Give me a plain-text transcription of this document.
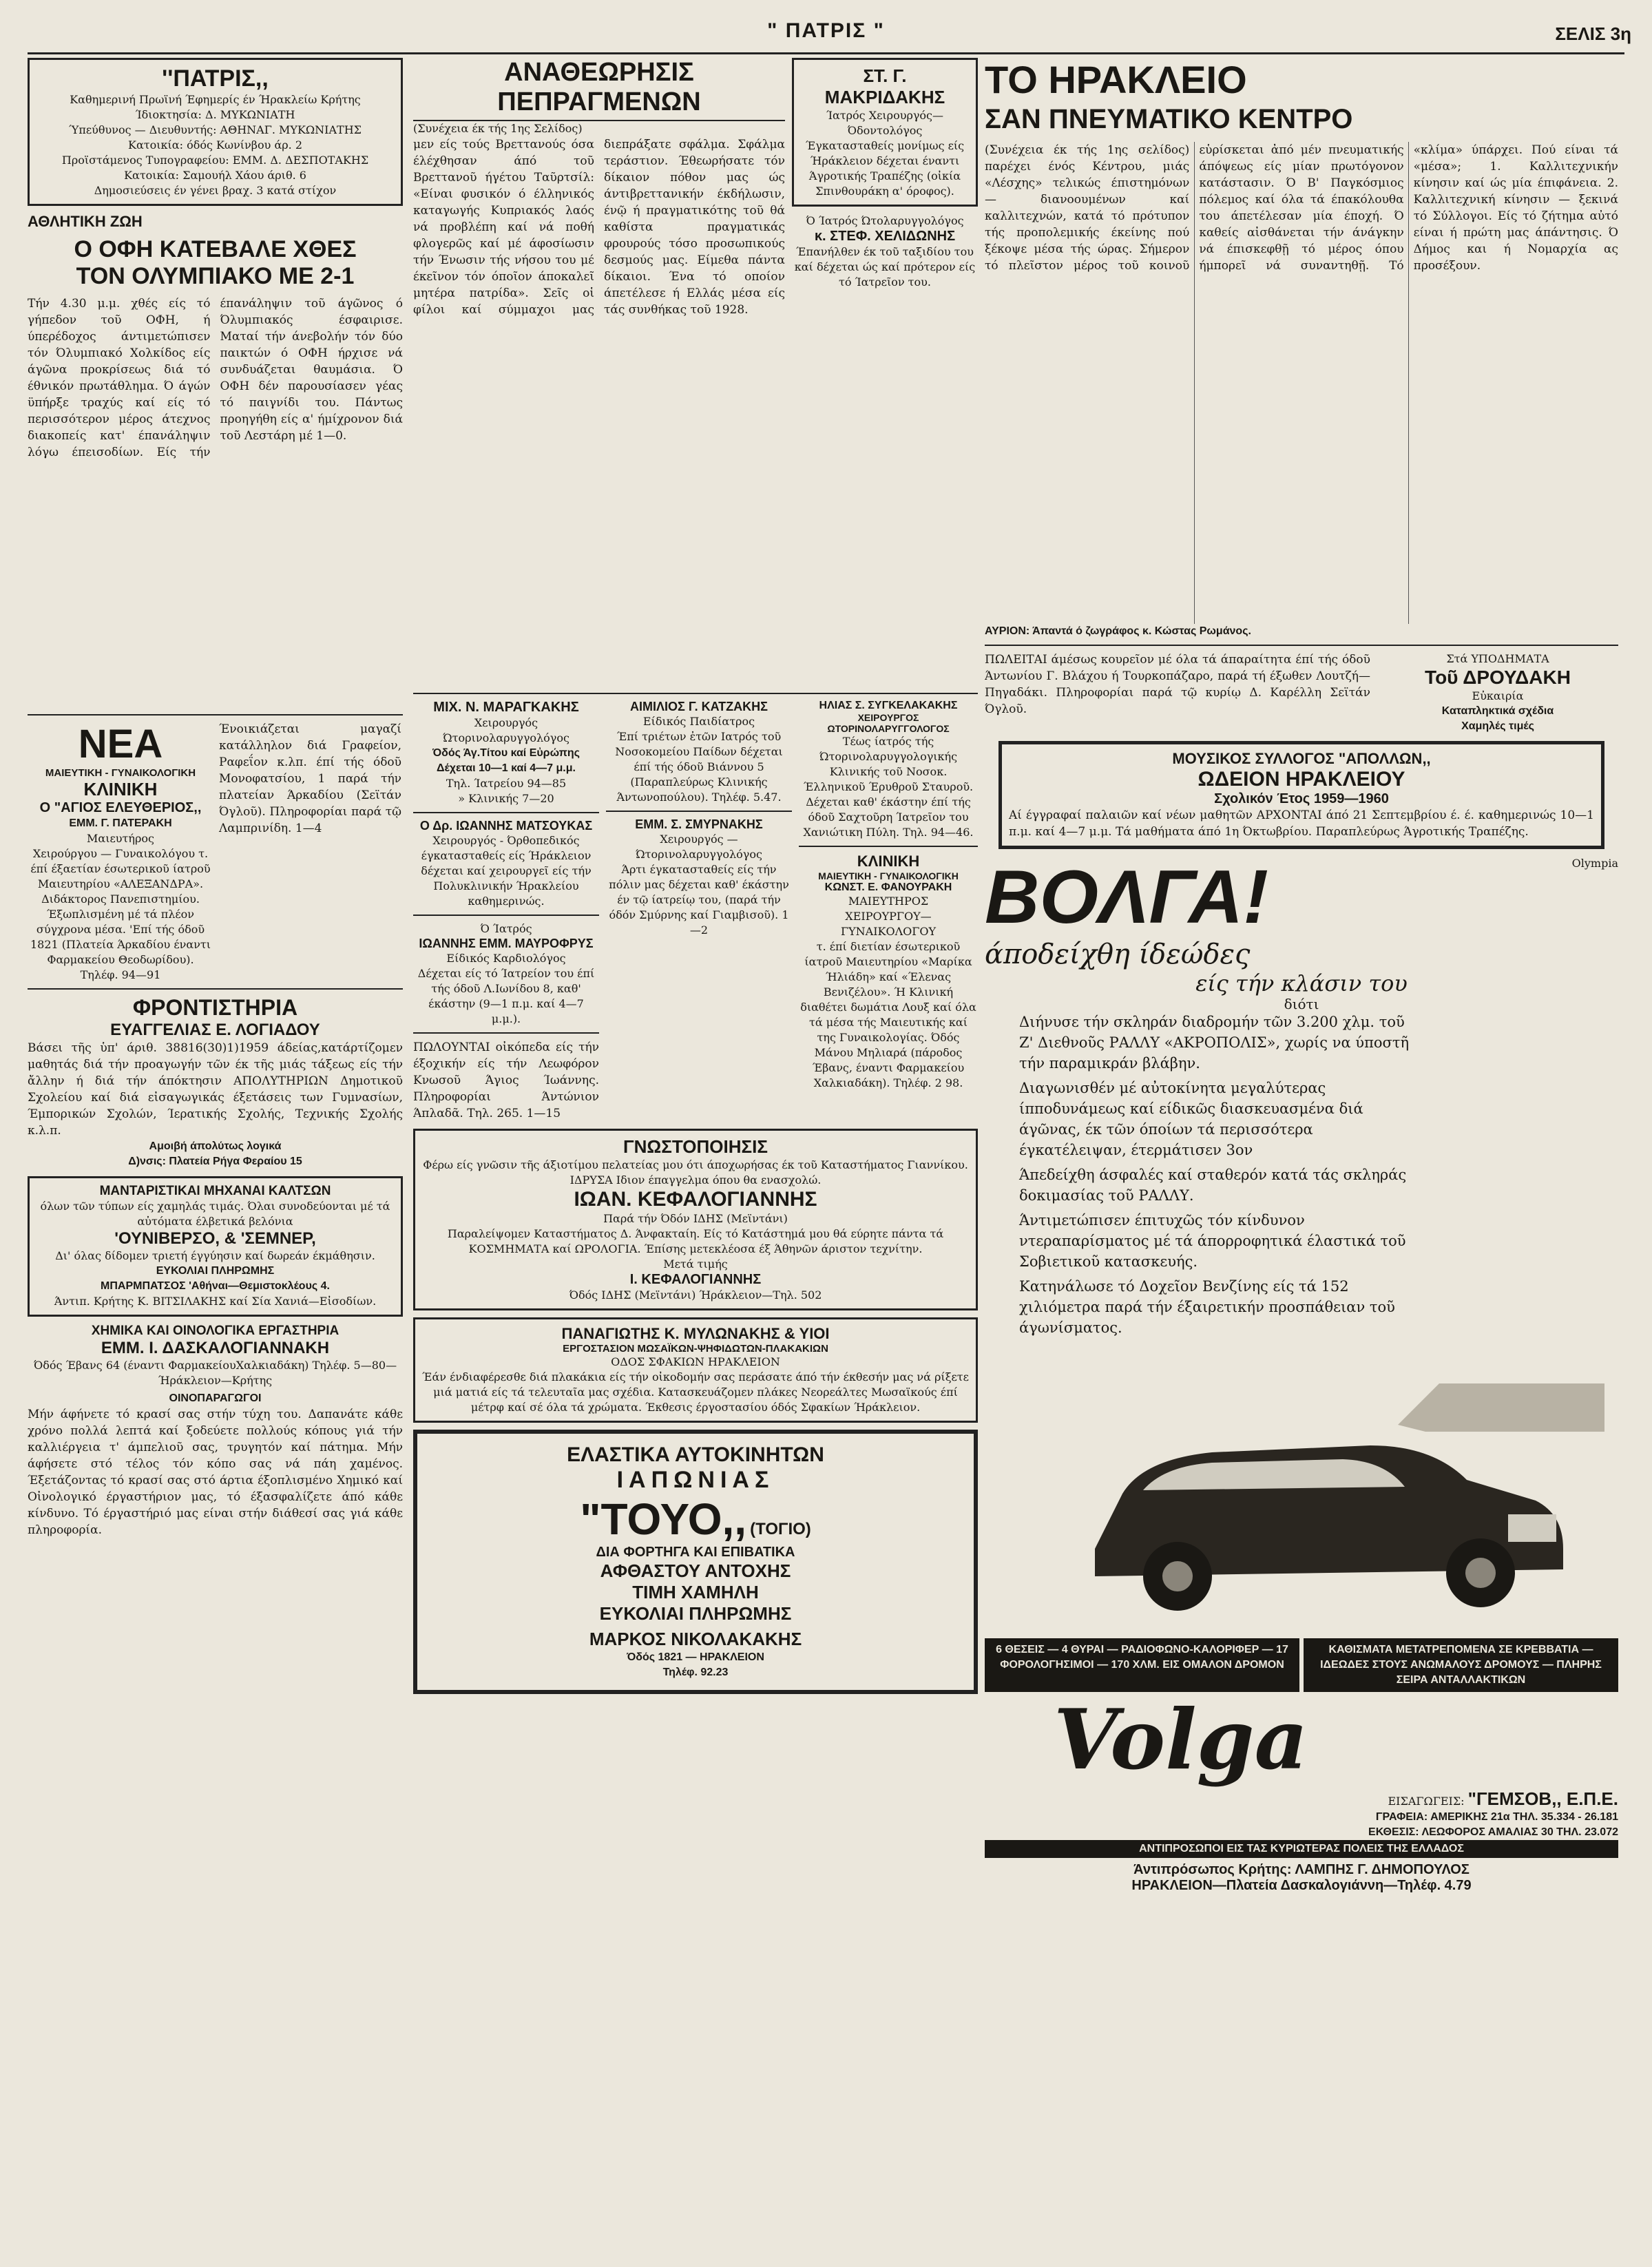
" ΠΑΤΡΙΣ "	ΣΕΛΙΣ 3η
''ΠΑΤΡΙΣ,,
Καθημερινή Πρωϊνή Έφημερίς έν Ήρακλείω Κρήτης
Ίδιοκτησία: Δ. ΜΥΚΩΝΙΑΤΗ
Ύπεύθυνος — Διευθυντής: ΑΘΗΝΑΓ. ΜΥΚΩΝΙΑΤΗΣ
Κατοικία: όδός Κωνίνβου άρ. 2
Προϊστάμενος Τυπογραφείου: ΕΜΜ. Δ. ΔΕΣΠΟΤΑΚΗΣ
Κατοικία: Σαμουήλ Χάου άριθ. 6
Δημοσιεύσεις έν γένει βραχ. 3 κατά στίχον
ΑΘΛΗΤΙΚΗ ΖΩΗ
Ο ΟΦΗ ΚΑΤΕΒΑΛΕ ΧΘΕΣ
ΤΟΝ ΟΛΥΜΠΙΑΚΟ ΜΕ 2-1
Τήν 4.30 μ.μ. χθές είς τό γήπεδον τοῦ ΟΦΗ, ή ύπερέδοχος άντιμετώπισεν τόν Όλυμπιακό Χολκίδος είς άγῶνα προκρίσεως διά τό έθνικόν πρωτάθλημα. Ό άγών ϋπήρξε τραχύς καί είς τό περισσότερον μέρος άτεχνος διακοπείς κατ' έπανάληψιν λόγω έπεισοδίων. Είς τήν έπανάληψιν τοῦ άγῶνος ό Όλυμπιακός έσφαιρισε. Ματαί τήν άνεβολήν τόν δύο παικτών ό ΟΦΗ ήρχισε νά συνδυάζεται θαυμάσια. Ό ΟΦΗ δέν παρουσίασεν γέας τό παιγνίδι του. Πάντως προηγήθη είς α' ήμίχρονον διά τοῦ Λεστάρη μέ 1—0.
ΝΕΑ
ΜΑΙΕΥΤΙΚΗ - ΓΥΝΑΙΚΟΛΟΓΙΚΗ
ΚΛΙΝΙΚΗ
Ο "ΑΓΙΟΣ ΕΛΕΥΘΕΡΙΟΣ,,
ΕΜΜ. Γ. ΠΑΤΕΡΑΚΗ
Μαιευτήρος
Χειρούργου — Γυναικολόγου τ. έπί έξαετίαν έσωτερικοῦ ίατροῦ Μαιευτηρίου «ΑΛΕΞΑΝΔΡΑ». Διδάκτορος Πανεπιστημίου. Έξωπλισμένη μέ τά πλέον σύγχρονα μέσα. 'Επί τής όδοῦ 1821 (Πλατεία Άρκαδίου έναντι Φαρμακείου Θεοδωρίδου). Τηλέφ. 94—91
Ένοικιάζεται μαγαζί κατάλληλον διά Γραφείον, Ραφεΐον κ.λπ. έπί τής όδοῦ Μονοφατσίου, 1 παρά τήν πλατείαν Άρκαδίου (Σεϊτάν Όγλοῦ). Πληροφορίαι παρά τῷ Λαμπρινίδη. 1—4
ΦΡΟΝΤΙΣΤΗΡΙΑ
ΕΥΑΓΓΕΛΙΑΣ Ε. ΛΟΓΙΑΔΟΥ
Βάσει τῆς ὑπ' άριθ. 38816(30)1)1959 άδείας,κατάρτίζομεν μαθητάς διά τήν προαγωγήν τῶν έκ τῆς μιάς τάξεως είς τήν ἄλλην ή διά τήν άπόκτησιν ΑΠΟΛΥΤΗΡΙΩΝ Δημοτικοῦ Σχολείου καί διά εἰσαγωγικάς έξετάσεις των Γυμνασίων, Έμπορικών Σχολών, Ίερατικής Σχολής, Τεχνικής Σχολής κ.λ.π.
Αμοιβή άπολύτως λογικά
Δ)νσις: Πλατεία Ρήγα Φεραίου 15
ΜΑΝΤΑΡΙΣΤΙΚΑΙ ΜΗΧΑΝΑΙ ΚΑΛΤΣΩΝ
όλων τῶν τύπων είς χαμηλάς τιμάς. Όλαι συνοδεύονται μέ τά αὐτόματα έλβετικά βελόνια
'ΟΥΝΙΒΕΡΣΟ, & 'ΣΕΜΝΕΡ,
Δι' όλας δίδομεν τριετή έγγύησιν καί δωρεάν έκμάθησιν.
ΕΥΚΟΛΙΑΙ ΠΛΗΡΩΜΗΣ
ΜΠΑΡΜΠΑΤΣΟΣ 'Αθήναι—Θεμιστοκλέους 4.
Άντιπ. Κρήτης Κ. ΒΙΤΣΙΛΑΚΗΣ καί Σία Χανιά—Εἰσοδίων.
ΧΗΜΙΚΑ ΚΑΙ ΟΙΝΟΛΟΓΙΚΑ ΕΡΓΑΣΤΗΡΙΑ
ΕΜΜ. Ι. ΔΑΣΚΑΛΟΓΙΑΝΝΑΚΗ
Όδός Έβανς 64 (έναντι ΦαρμακείουΧαλκιαδάκη) Τηλέφ. 5—80—Ήράκλειον—Κρήτης
ΟΙΝΟΠΑΡΑΓΩΓΟΙ
Μήν άφήνετε τό κρασί σας στήν τύχη του. Δαπανάτε κάθε χρόνο πολλά λεπτά καί ξοδεύετε πολλούς κόπους γιά τήν καλλιέργεια τ' άμπελιοῦ σας, τρυγητόν καί πάτημα. Μήν άφήσετε στό τέλος τόν κόπο σας νά πάη χαμένος. Έξετάζοντας τό κρασί σας στό άρτια έξοπλισμένο Χημικό καί Οἰνολογικό έργαστήριον μας, τό έξασφαλίζετε άπό κάθε κίνδυνο. Τό έργαστήριό μας είναι στήν διάθεσί σας γιά κάθε πληροφορία.
ΑΝΑΘΕΩΡΗΣΙΣ ΠΕΠΡΑΓΜΕΝΩΝ
(Συνέχεια έκ τής 1ης Σελίδος)
μεν είς τούς Βρεττανούς όσα έλέχθησαν άπό τοῦ Βρεττανοῦ ήγέτου Ταῦρτσίλ: «Είναι φυσικόν ό έλληνικός καταγωγής Κυπριακός λαός νά προβλέπη καί νά ποθή φλογερῶς καί μέ άφοσίωσιν τήν Ένωσιν τής νήσου του μέ έκεῖνον τόν όποῖον άποκαλεῖ μητέρα πατρίδα». Σεῖς οἱ φίλοι καί σύμμαχοι μας διεπράξατε σφάλμα. Σφάλμα τεράστιον. Έθεωρήσατε τόν δίκαιον πόθον μας ώς άντιβρεττανικήν έκδήλωσιν, ένῷ ή πραγματικότης τοῦ θά καθίστα πραγματικάς φρουρούς τόσο προσωπικούς δεσμούς μας. Είμεθα πάντα δίκαιοι. Ένα τό οποίον άπετέλεσε ή Ελλάς μέσα είς τάς συνθήκας τοῦ 1928.
ΣΤ. Γ. ΜΑΚΡΙΔΑΚΗΣ
Ίατρός Χειρουργός—Όδοντολόγος
Έγκατασταθείς μονίμως είς Ήράκλειον δέχεται έναντι Άγροτικής Τραπέζης (οἰκία Σπινθουράκη α' όροφος).
Ό Ίατρός Ώτολαρυγγολόγος
κ. ΣΤΕΦ. ΧΕΛΙΔΩΝΗΣ
Έπανήλθεν έκ τοῦ ταξιδίου του καί δέχεται ώς καί πρότερον είς τό Ίατρεῖον του.
ΜΙΧ. Ν. ΜΑΡΑΓΚΑΚΗΣ
Χειρουργός Ώτορινολαρυγγολόγος
Όδός Άγ.Τίτου καί Εὐρώπης
Δέχεται 10—1 καί 4—7 μ.μ.
Τηλ. Ίατρείου 94—85
» Κλινικής 7—20
Ο Δρ. ΙΩΑΝΝΗΣ ΜΑΤΣΟΥΚΑΣ
Χειρουργός - Όρθοπεδικός έγκατασταθείς είς Ήράκλειον δέχεται καί χειρουργεῖ είς τήν Πολυκλινικήν Ήρακλείου καθημερινώς.
Ό Ίατρός
ΙΩΑΝΝΗΣ ΕΜΜ. ΜΑΥΡΟΦΡΥΣ
Είδικός Καρδιολόγος
Δέχεται είς τό Ίατρείον του έπί τής όδοῦ Λ.Ιωνίδου 8, καθ' έκάστην (9—1 π.μ. καί 4—7 μ.μ.).
ΠΩΛΟΥΝΤΑΙ οἰκόπεδα είς τήν έξοχικήν είς τήν Λεωφόρον Κνωσοῦ Άγιος Ίωάννης. Πληροφορίαι Άντώνιον Άπλαδᾶ. Τηλ. 265. 1—15
ΑΙΜΙΛΙΟΣ Γ. ΚΑΤΖΑΚΗΣ
Είδικός Παιδίατρος
Έπί τριέτων ἐτῶν Ιατρός τοῦ Νοσοκομείου Παίδων δέχεται έπί τής όδοῦ Βιάννου 5 (Παραπλεύρως Κλινικής Άντωνοπούλου). Τηλέφ. 5.47.
ΕΜΜ. Σ. ΣΜΥΡΝΑΚΗΣ
Χειρουργός — Ώτορινολαρυγγολόγος
Άρτι έγκατασταθείς είς τήν πόλιν μας δέχεται καθ' έκάστην έν τῷ ίατρείῳ του, (παρά τήν όδόν Σμύρνης καί Γιαμβισοῦ). 1—2
ΗΛΙΑΣ Σ. ΣΥΓΚΕΛΑΚΑΚΗΣ
ΧΕΙΡΟΥΡΓΟΣ ΩΤΟΡΙΝΟΛΑΡΥΓΓΟΛΟΓΟΣ
Τέως ίατρός τής Ώτορινολαρυγγολογικής Κλινικής τοῦ Νοσοκ. Έλληνικοῦ Έρυθροῦ Σταυροῦ. Δέχεται καθ' έκάστην έπί τής όδοῦ Σαχτοῦρη Ίατρεῖον του Χανιώτικη Πύλη. Τηλ. 94—46.
ΚΛΙΝΙΚΗ
ΜΑΙΕΥΤΙΚΗ - ΓΥΝΑΙΚΟΛΟΓΙΚΗ
ΚΩΝΣΤ. Ε. ΦΑΝΟΥΡΑΚΗ
ΜΑΙΕΥΤΗΡΟΣ
ΧΕΙΡΟΥΡΓΟΥ—ΓΥΝΑΙΚΟΛΟΓΟΥ
τ. έπί διετίαν έσωτερικοῦ ίατροῦ Μαιευτηρίου «Μαρίκα Ήλιάδη» καί «Έλενας Βενιζέλου». Ή Κλινική διαθέτει δωμάτια Λουξ καί όλα τά μέσα τής Μαιευτικής καί της Γυναικολογίας. Όδός Μάνου Μηλιαρά (πάροδος Έβανς, έναντι Φαρμακείου Χαλκιαδάκη). Τηλέφ. 2 98.
ΓΝΩΣΤΟΠΟΙΗΣΙΣ
Φέρω είς γνῶσιν τῆς άξιοτίμου πελατείας μου ότι άποχωρήσας έκ τοῦ Καταστήματος Γιαννίκου. ΙΔΡΥΣΑ Ιδιον έπαγγελμα όπου θα ενασχολώ.
ΙΩΑΝ. ΚΕΦΑΛΟΓΙΑΝΝΗΣ
Παρά τήν Όδόν ΙΔΗΣ (Μεϊντάνι)
Παραλείψομεν Καταστήματος Δ. Άνφακταίη. Είς τό Κατάστημά μου θά εύρητε πάντα τά ΚΟΣΜΗΜΑΤΑ καί ΩΡΟΛΟΓΙΑ. Έπίσης μετεκλέοσα έξ Άθηνῶν άριστον τεχνίτην.
Μετά τιμής
Ι. ΚΕΦΑΛΟΓΙΑΝΝΗΣ
Όδός ΙΔΗΣ (Μεϊντάνι) Ήράκλειον—Τηλ. 502
ΠΑΝΑΓΙΩΤΗΣ Κ. ΜΥΛΩΝΑΚΗΣ & ΥΙΟΙ
ΕΡΓΟΣΤΑΣΙΟΝ ΜΩΣΑΪΚΩΝ-ΨΗΦΙΔΩΤΩΝ-ΠΛΑΚΑΚΙΩΝ
ΟΔΟΣ ΣΦΑΚΙΩΝ ΗΡΑΚΛΕΙΟΝ
Έάν ένδιαφέρεσθε διά πλακάκια είς τήν οἰκοδομήν σας περάσατε άπό τήν έκθεσήν μας νά ρίξετε μιά ματιά είς τά τελευταῖα μας σχέδια. Κατασκευάζομεν πλάκες Νεορεάλτες Μωσαϊκούς έπί μέτρφ καί σέ όλα τά χρώματα. Έκθεσις έργοστασίου όδός Σφακίων Ήράκλειον.
ΕΛΑΣΤΙΚΑ ΑΥΤΟΚΙΝΗΤΩΝ
ΙΑΠΩΝΙΑΣ
"ΤΟΥΟ,, (ΤΟΓΙΟ)
ΔΙΑ ΦΟΡΤΗΓΑ ΚΑΙ ΕΠΙΒΑΤΙΚΑ
ΑΦΘΑΣΤΟΥ ΑΝΤΟΧΗΣ
ΤΙΜΗ ΧΑΜΗΛΗ
ΕΥΚΟΛΙΑΙ ΠΛΗΡΩΜΗΣ
ΜΑΡΚΟΣ ΝΙΚΟΛΑΚΑΚΗΣ
Όδός 1821 — ΗΡΑΚΛΕΙΟΝ
Τηλέφ. 92.23
ΤΟ ΗΡΑΚΛΕΙΟ
ΣΑΝ ΠΝΕΥΜΑΤΙΚΟ ΚΕΝΤΡΟ
(Συνέχεια έκ τής 1ης σελίδος) παρέχει ένός Κέντρου, μιάς «Λέσχης» τελικώς έπιστημόνων — διανοουμένων καί καλλιτεχνών, κατά τό πρότυπον τής προπολεμικής έκείνης πού ξέκοψε μέσα τής ώρας. Σήμερον τό πλεῖστον μέρος τοῦ κοινοῦ εὑρίσκεται ἀπό μέν πνευματικής άπόψεως είς μίαν πρωτόγονον κατάστασιν. Ό Β' Παγκόσμιος πόλεμος καί όλα τά έπακόλουθα του άπετέλεσαν μία έποχή. Ό καθείς αἰσθάνεται τήν άνάγκην νά έπισκεφθῇ τό μέρος όπου ήμπορεῖ νά συναντηθῇ. Τό «κλίμα» ύπάρχει. Πού είναι τά «μέσα»; 1. Καλλιτεχνικήν κίνησιν καί ώς μία έπιφάνεια. 2. Καλλιτεχνική κίνησιν — ξεκινά τό Σύλλογοι. Είς τό ζήτημα αὐτό είναι ή πρώτη μας άπάντησις. Ό Δήμος και ή Νομαρχία ας προσέξουν.
ΑΥΡΙΟΝ: Άπαντά ό ζωγράφος κ. Κώστας Ρωμάνος.
ΠΩΛΕΙΤΑΙ άμέσως κουρεῖον μέ όλα τά άπαραίτητα έπί τής όδοῦ Άντωνίου Γ. Βλάχου ή Τουρκοπάζαρο, παρά τή έξωθεν Λουτζή—Πηγαδάκι. Πληροφορίαι παρά τῷ κυρίῳ Δ. Καρέλλη Σεϊτάν Όγλοῦ.
Στά ΥΠΟΔΗΜΑΤΑ
Τοῦ ΔΡΟΥΔΑΚΗ
Εὐκαιρία
Καταπληκτικά σχέδια
Χαμηλές τιμές
ΜΟΥΣΙΚΟΣ ΣΥΛΛΟΓΟΣ "ΑΠΟΛΛΩΝ,,
ΩΔΕΙΟΝ ΗΡΑΚΛΕΙΟΥ
Σχολικόν Έτος 1959—1960
Αί έγγραφαί παλαιῶν καί νέων μαθητῶν ΑΡΧΟΝΤΑΙ άπό 21 Σεπτεμβρίου έ. έ. καθημερινώς 10—1 π.μ. καί 4—7 μ.μ. Τά μαθήματα άπό 1η Όκτωβρίου. Παραπλεύρως Άγροτικής Τραπέζης.
ΒΟΛΓΑ!	Olympia
άποδείχθη ίδεώδες
είς τήν κλάσιν του
διότι
Διήνυσε τήν σκληράν διαδρομήν τῶν 3.200 χλμ. τοῦ Ζ' Διεθνοῦς ΡΑΛΛΥ «ΑΚΡΟΠΟΛΙΣ», χωρίς να ύποστῆ τήν παραμικράν βλάβην.
Διαγωνισθέν μέ αὐτοκίνητα μεγαλύτερας ίπποδυνάμεως καί είδικῶς διασκευασμένα διά άγῶνας, έκ τῶν όποίων τά περισσότερα έγκατέλειψαν, έτερμάτισεν 3ον
Άπεδείχθη άσφαλές καί σταθερόν κατά τάς σκληράς δοκιμασίας τοῦ ΡΑΛΛΥ.
Άντιμετώπισεν έπιτυχῶς τόν κίνδυνον ντεραπαρίσματος μέ τά άπορροφητικά έλαστικά τοῦ Σοβιετικοῦ κατασκευής.
Κατηνάλωσε τό Δοχεῖον Βενζίνης είς τά 152 χιλιόμετρα παρά τήν έξαιρετικήν προσπάθειαν τοῦ άγωνίσματος.
6 ΘΕΣΕΙΣ — 4 ΘΥΡΑΙ — ΡΑΔΙΟΦΩΝΟ-ΚΑΛΟΡΙΦΕΡ — 17 ΦΟΡΟΛΟΓΗΣΙΜΟΙ — 170 ΧΛΜ. ΕΙΣ ΟΜΑΛΟΝ ΔΡΟΜΟΝ
ΚΑΘΙΣΜΑΤΑ ΜΕΤΑΤΡΕΠΟΜΕΝΑ ΣΕ ΚΡΕΒΒΑΤΙΑ — ΙΔΕΩΔΕΣ ΣΤΟΥΣ ΑΝΩΜΑΛΟΥΣ ΔΡΟΜΟΥΣ — ΠΛΗΡΗΣ ΣΕΙΡΑ ΑΝΤΑΛΛΑΚΤΙΚΩΝ
Volga
ΕΙΣΑΓΩΓΕΙΣ: "ΓΕΜΣΟΒ,, Ε.Π.Ε.
ΓΡΑΦΕΙΑ: ΑΜΕΡΙΚΗΣ 21α ΤΗΛ. 35.334 - 26.181
ΕΚΘΕΣΙΣ: ΛΕΩΦΟΡΟΣ ΑΜΑΛΙΑΣ 30 ΤΗΛ. 23.072
ΑΝΤΙΠΡΟΣΩΠΟΙ ΕΙΣ ΤΑΣ ΚΥΡΙΩΤΕΡΑΣ ΠΟΛΕΙΣ ΤΗΣ ΕΛΛΑΔΟΣ
Άντιπρόσωπος Κρήτης: ΛΑΜΠΗΣ Γ. ΔΗΜΟΠΟΥΛΟΣ
ΗΡΑΚΛΕΙΟΝ—Πλατεία Δασκαλογιάννη—Τηλέφ. 4.79
